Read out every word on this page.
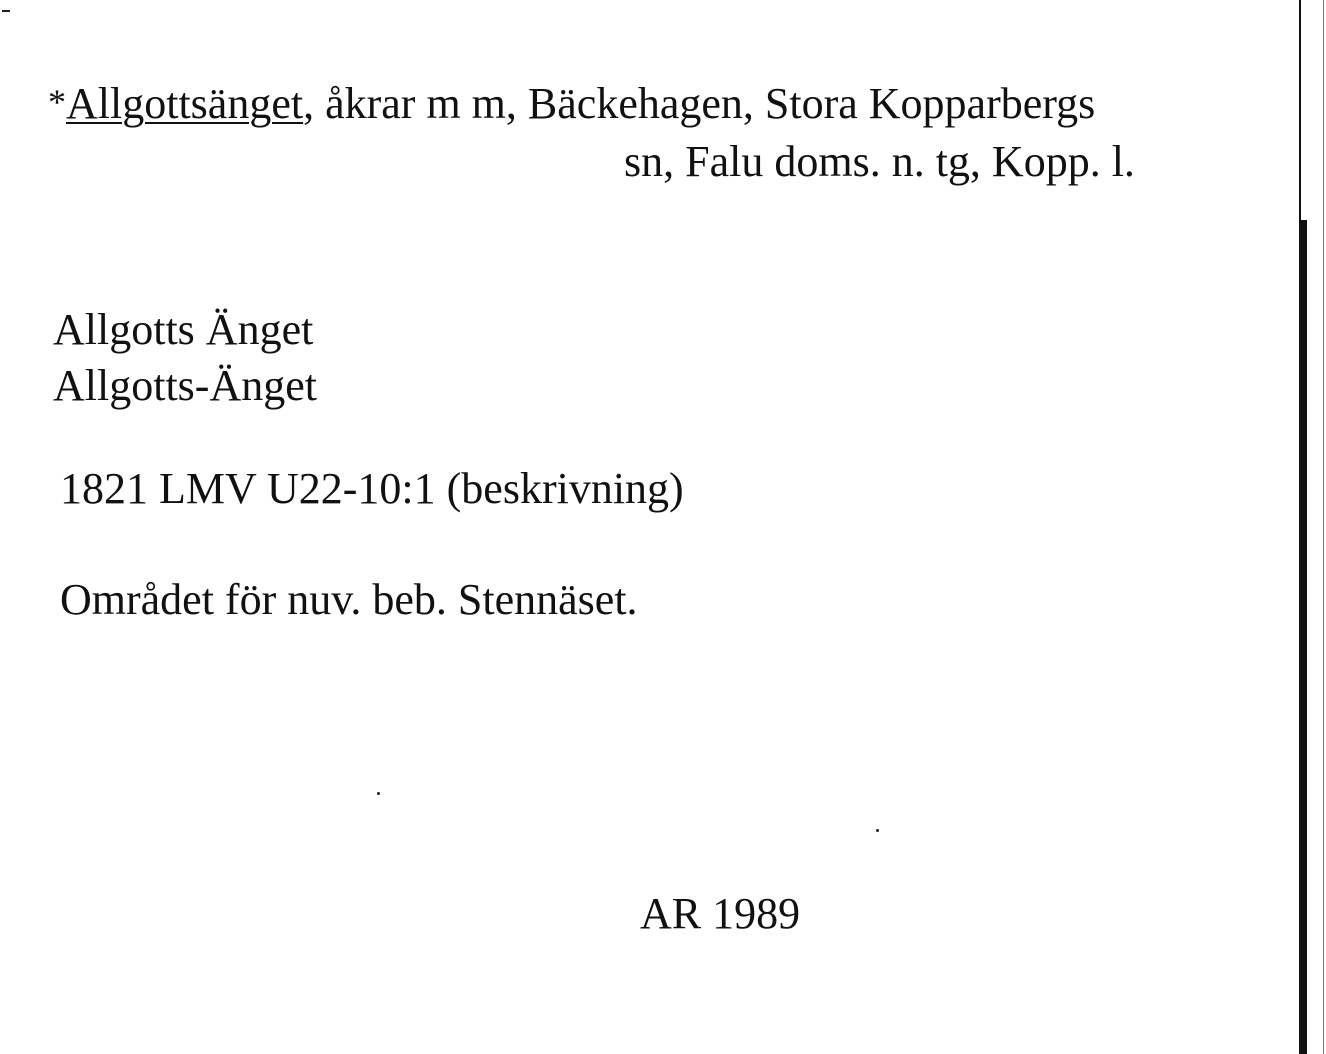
*Allgottsänget, åkrar m m, Bäckehagen, Stora Kopparbergs
sn, Falu doms. n. tg, Kopp. l.
Allgotts Änget
Allgotts-Änget
1821 LMV U22-10:1 (beskrivning)
Området för nuv. beb. Stennäset.
AR 1989
